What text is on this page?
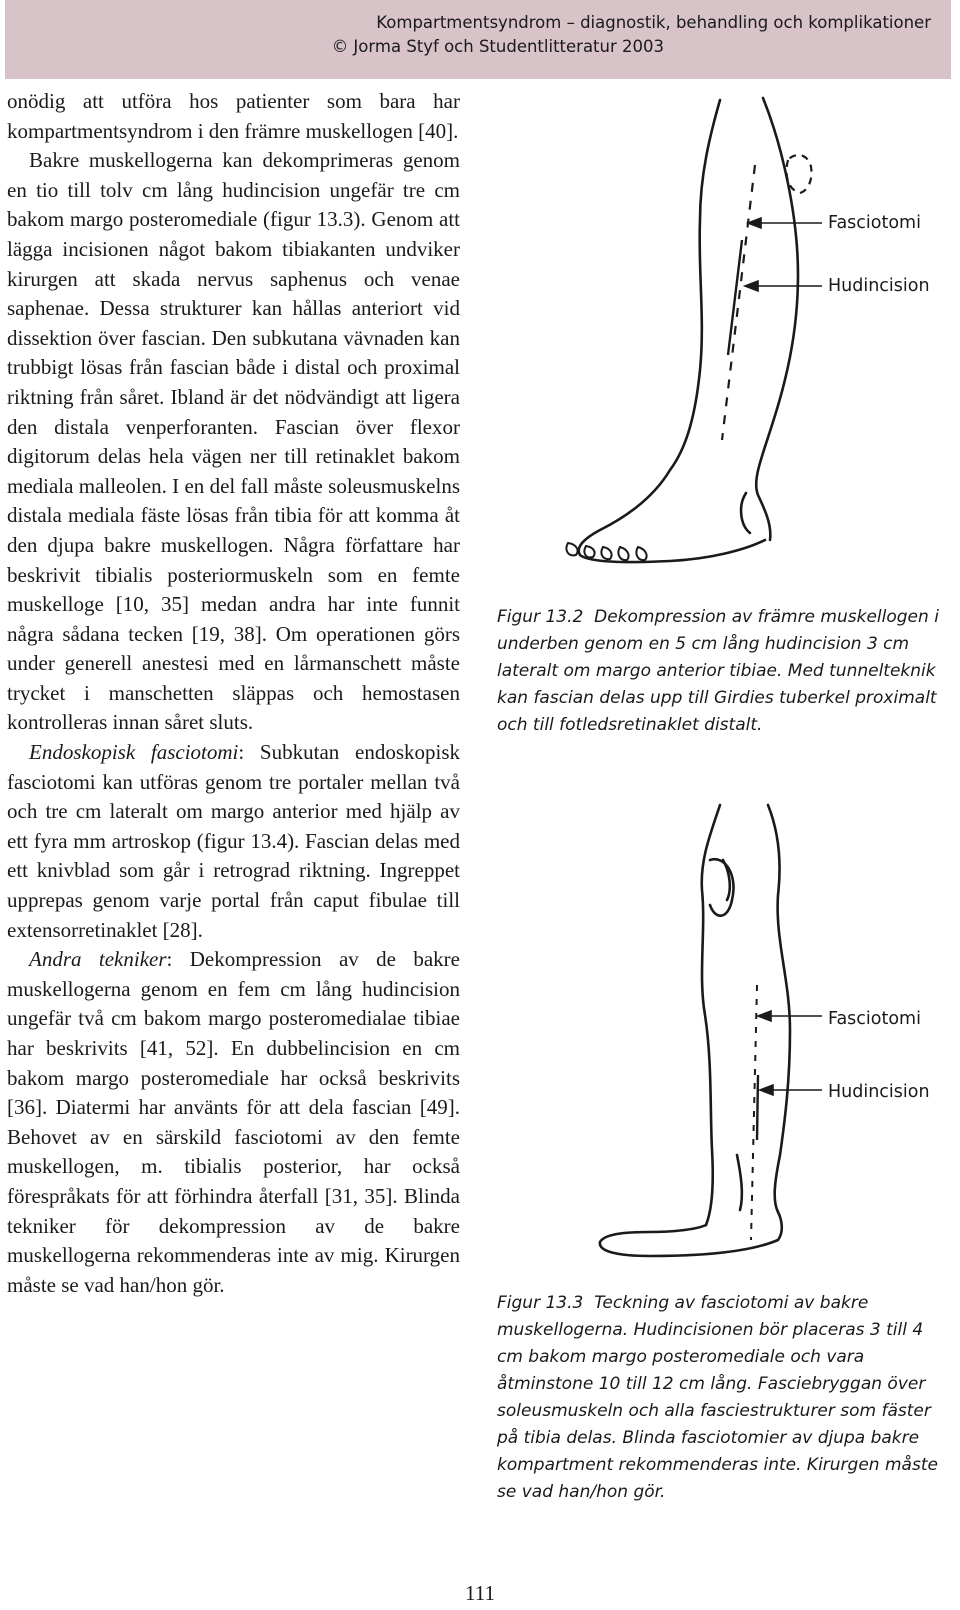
Kompartmentsyndrom – diagnostik, behandling och komplikationer
© Jorma Styf och Studentlitteratur 2003

onödig att utföra hos patienter som bara har kompartmentsyndrom i den främre muskellogen [40].

Bakre muskellogerna kan dekomprimeras genom en tio till tolv cm lång hudincision ungefär tre cm bakom margo posteromediale (figur 13.3). Genom att lägga incisionen något bakom tibiakanten undviker kirurgen att skada nervus saphenus och venae saphenae. Dessa strukturer kan hållas anteriort vid dissektion över fascian. Den subkutana vävnaden kan trubbigt lösas från fascian både i distal och proximal riktning från såret. Ibland är det nödvändigt att ligera den distala venperforanten. Fascian över flexor digitorum delas hela vägen ner till retinaklet bakom mediala malleolen. I en del fall måste soleusmuskelns distala mediala fäste lösas från tibia för att komma åt den djupa bakre muskellogen. Några författare har beskrivit tibialis posteriormuskeln som en femte muskelloge [10, 35] medan andra har inte funnit några sådana tecken [19, 38]. Om operationen görs under generell anestesi med en lårmanschett måste trycket i manschetten släppas och hemostasen kontrolleras innan såret sluts.

Endoskopisk fasciotomi: Subkutan endoskopisk fasciotomi kan utföras genom tre portaler mellan två och tre cm lateralt om margo anterior med hjälp av ett fyra mm artroskop (figur 13.4). Fascian delas med ett knivblad som går i retrograd riktning. Ingreppet upprepas genom varje portal från caput fibulae till extensorretinaklet [28].

Andra tekniker: Dekompression av de bakre muskellogerna genom en fem cm lång hudincision ungefär två cm bakom margo posteromedialae tibiae har beskrivits [41, 52]. En dubbelincision en cm bakom margo posteromediale har också beskrivits [36]. Diatermi har använts för att dela fascian [49]. Behovet av en särskild fasciotomi av den femte muskellogen, m. tibialis posterior, har också förespråkats för att förhindra återfall [31, 35]. Blinda tekniker för dekompression av de bakre muskellogerna rekommenderas inte av mig. Kirurgen måste se vad han/hon gör.

Fasciotomi
Hudincision
Figur 13.2 Dekompression av främre muskellogen i underben genom en 5 cm lång hudincision 3 cm lateralt om margo anterior tibiae. Med tunnelteknik kan fascian delas upp till Girdies tuberkel proximalt och till fotledsretinaklet distalt.
Fasciotomi
Hudincision
Figur 13.3 Teckning av fasciotomi av bakre muskellogerna. Hudincisionen bör placeras 3 till 4 cm bakom margo posteromediale och vara åtminstone 10 till 12 cm lång. Fasciebryggan över soleusmuskeln och alla fasciestrukturer som fäster på tibia delas. Blinda fasciotomier av djupa bakre kompartment rekommenderas inte. Kirurgen måste se vad han/hon gör.
111
